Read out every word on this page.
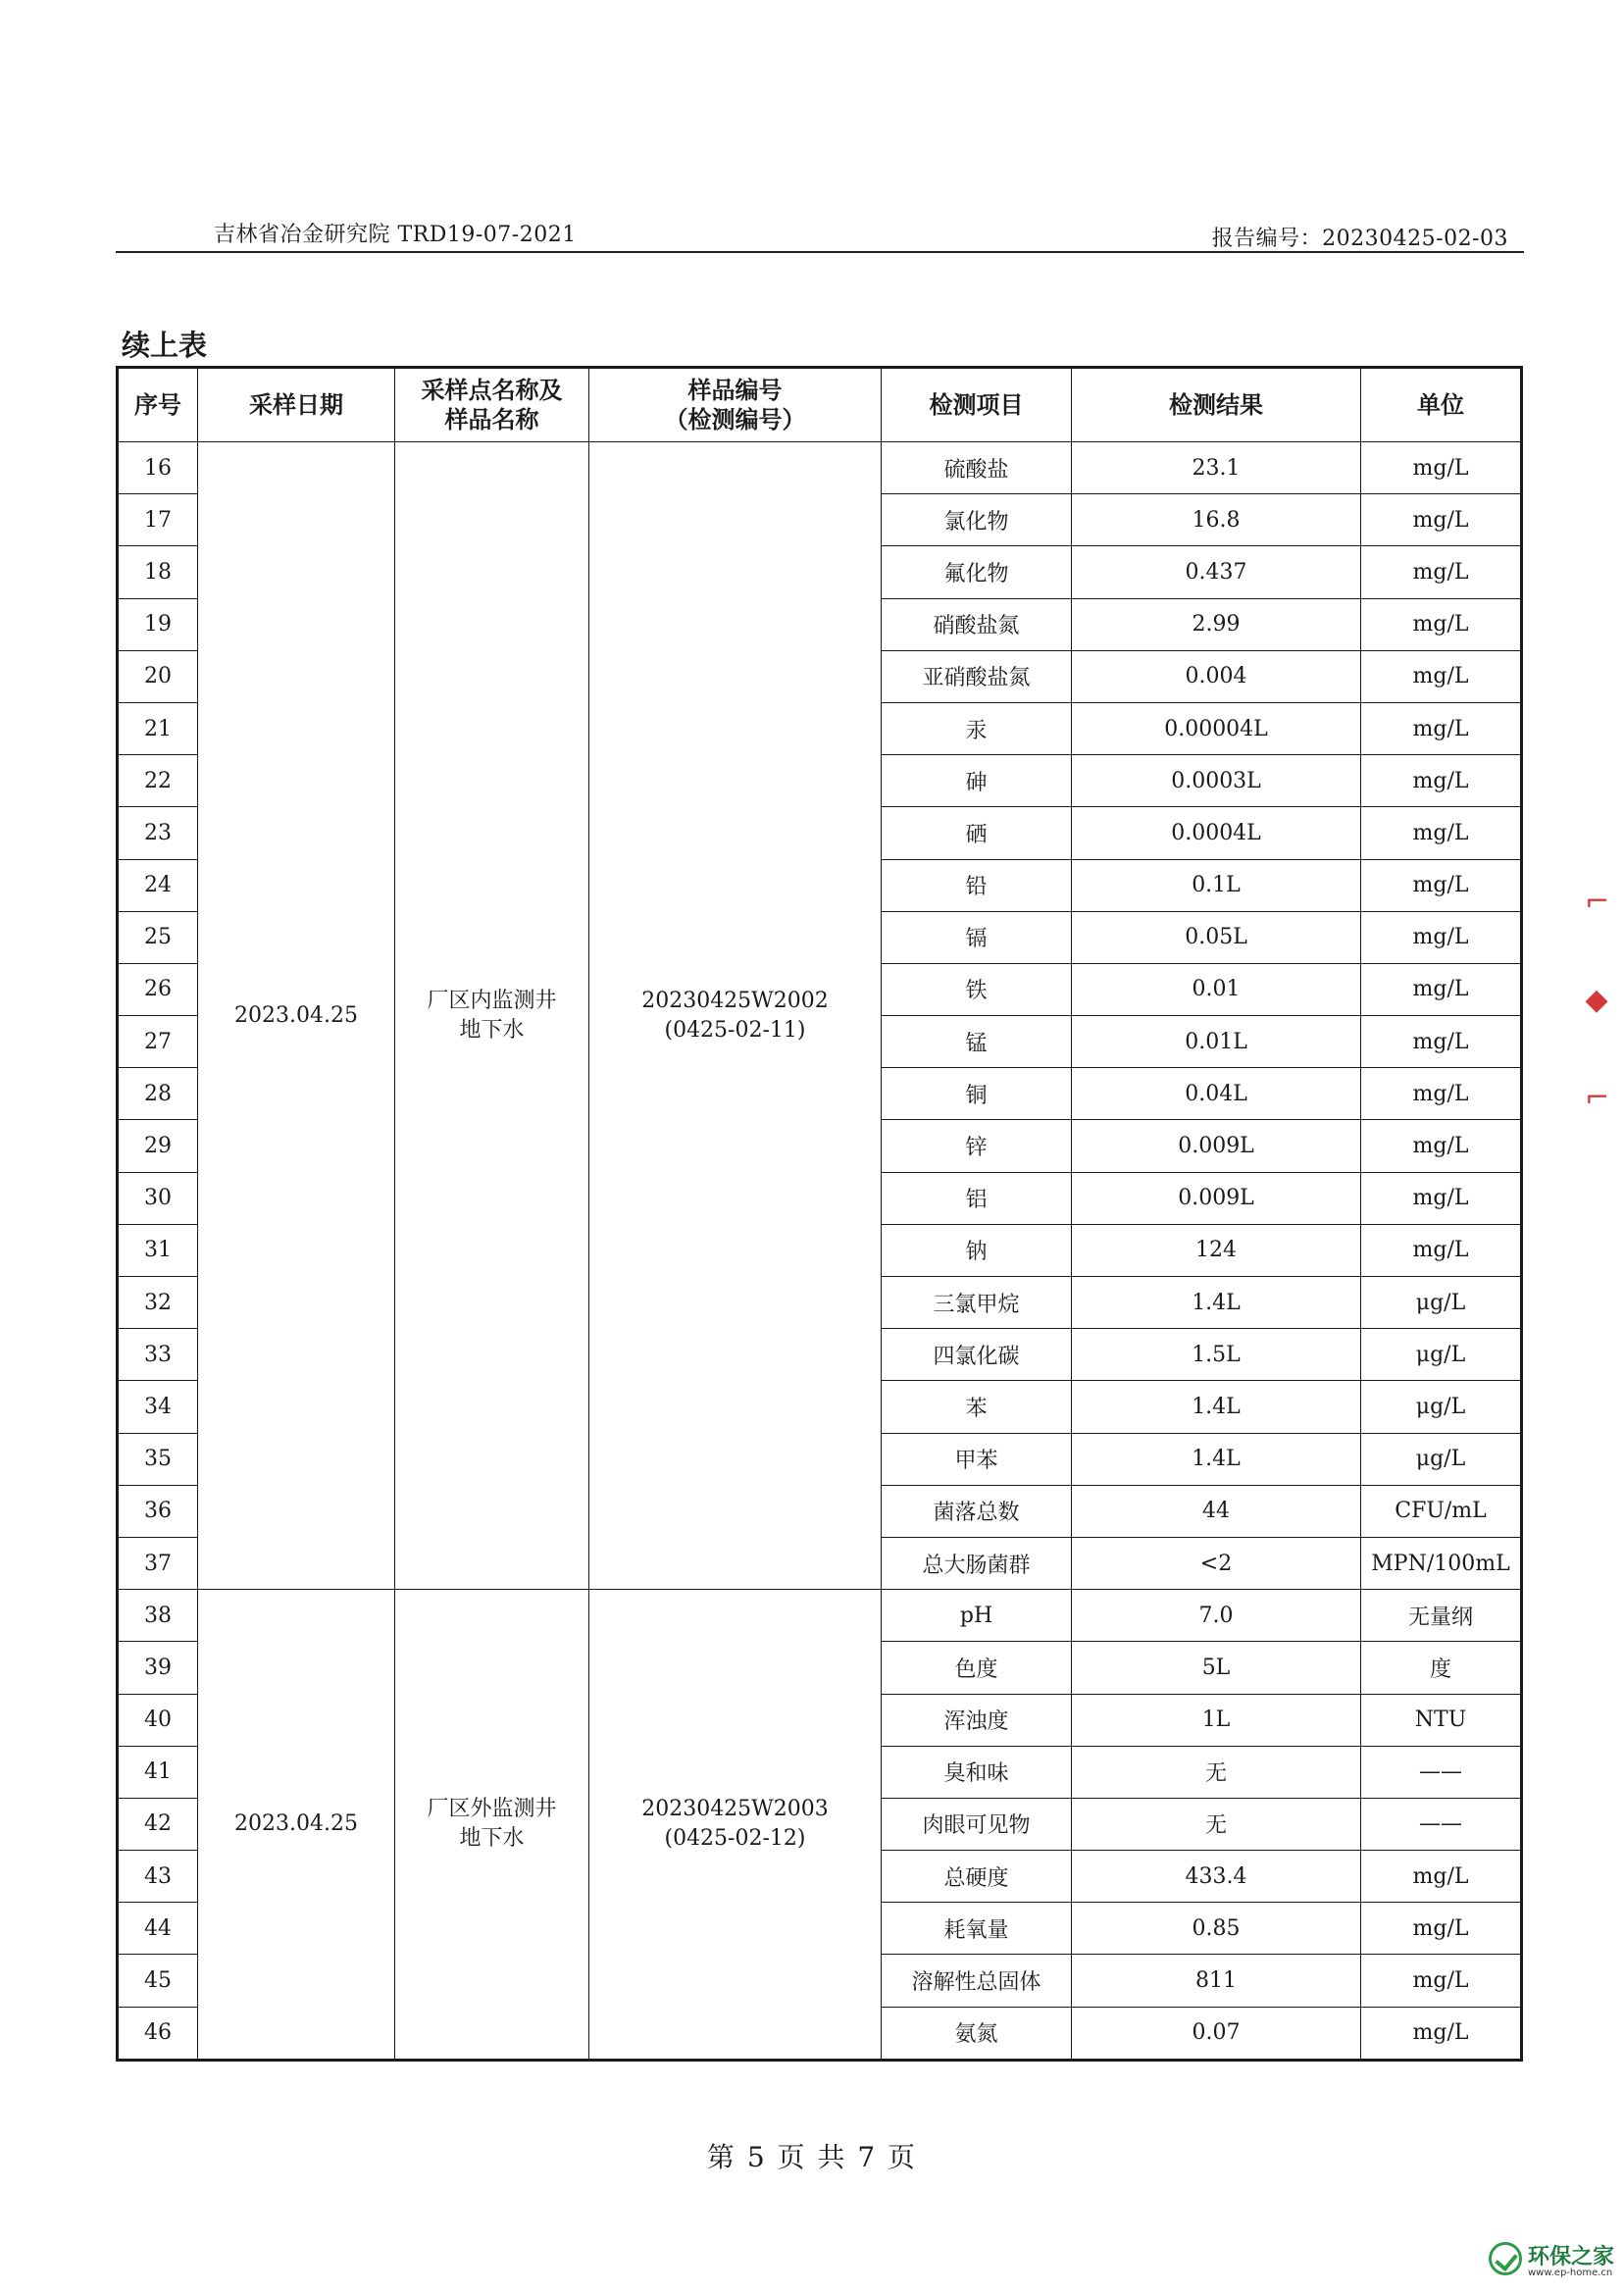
吉林省冶金研究院 TRD19-07-2021	报告编号：20230425-02-03
续上表
序号	采样日期	采样点名称及
样品名称	样品编号
（检测编号）	检测项目	检测结果	单位
16	2023.04.25	厂区内监测井
地下水	20230425W2002
(0425-02-11)	硫酸盐	23.1	mg/L
17				氯化物	16.8	mg/L
18				氟化物	0.437	mg/L
19				硝酸盐氮	2.99	mg/L
20				亚硝酸盐氮	0.004	mg/L
21				汞	0.00004L	mg/L
22				砷	0.0003L	mg/L
23				硒	0.0004L	mg/L
24				铅	0.1L	mg/L
25				镉	0.05L	mg/L
26				铁	0.01	mg/L
27				锰	0.01L	mg/L
28				铜	0.04L	mg/L
29				锌	0.009L	mg/L
30				铝	0.009L	mg/L
31				钠	124	mg/L
32				三氯甲烷	1.4L	μg/L
33				四氯化碳	1.5L	μg/L
34				苯	1.4L	μg/L
35				甲苯	1.4L	μg/L
36				菌落总数	44	CFU/mL
37				总大肠菌群	<2	MPN/100mL
38	2023.04.25	厂区外监测井
地下水	20230425W2003
(0425-02-12)	pH	7.0	无量纲
39				色度	5L	度
40				浑浊度	1L	NTU
41				臭和味	无	——
42				肉眼可见物	无	——
43				总硬度	433.4	mg/L
44				耗氧量	0.85	mg/L
45				溶解性总固体	811	mg/L
46				氨氮	0.07	mg/L
第 5 页 共 7 页
⌐
◆
⌐
环保之家
www.ep-home.cn
